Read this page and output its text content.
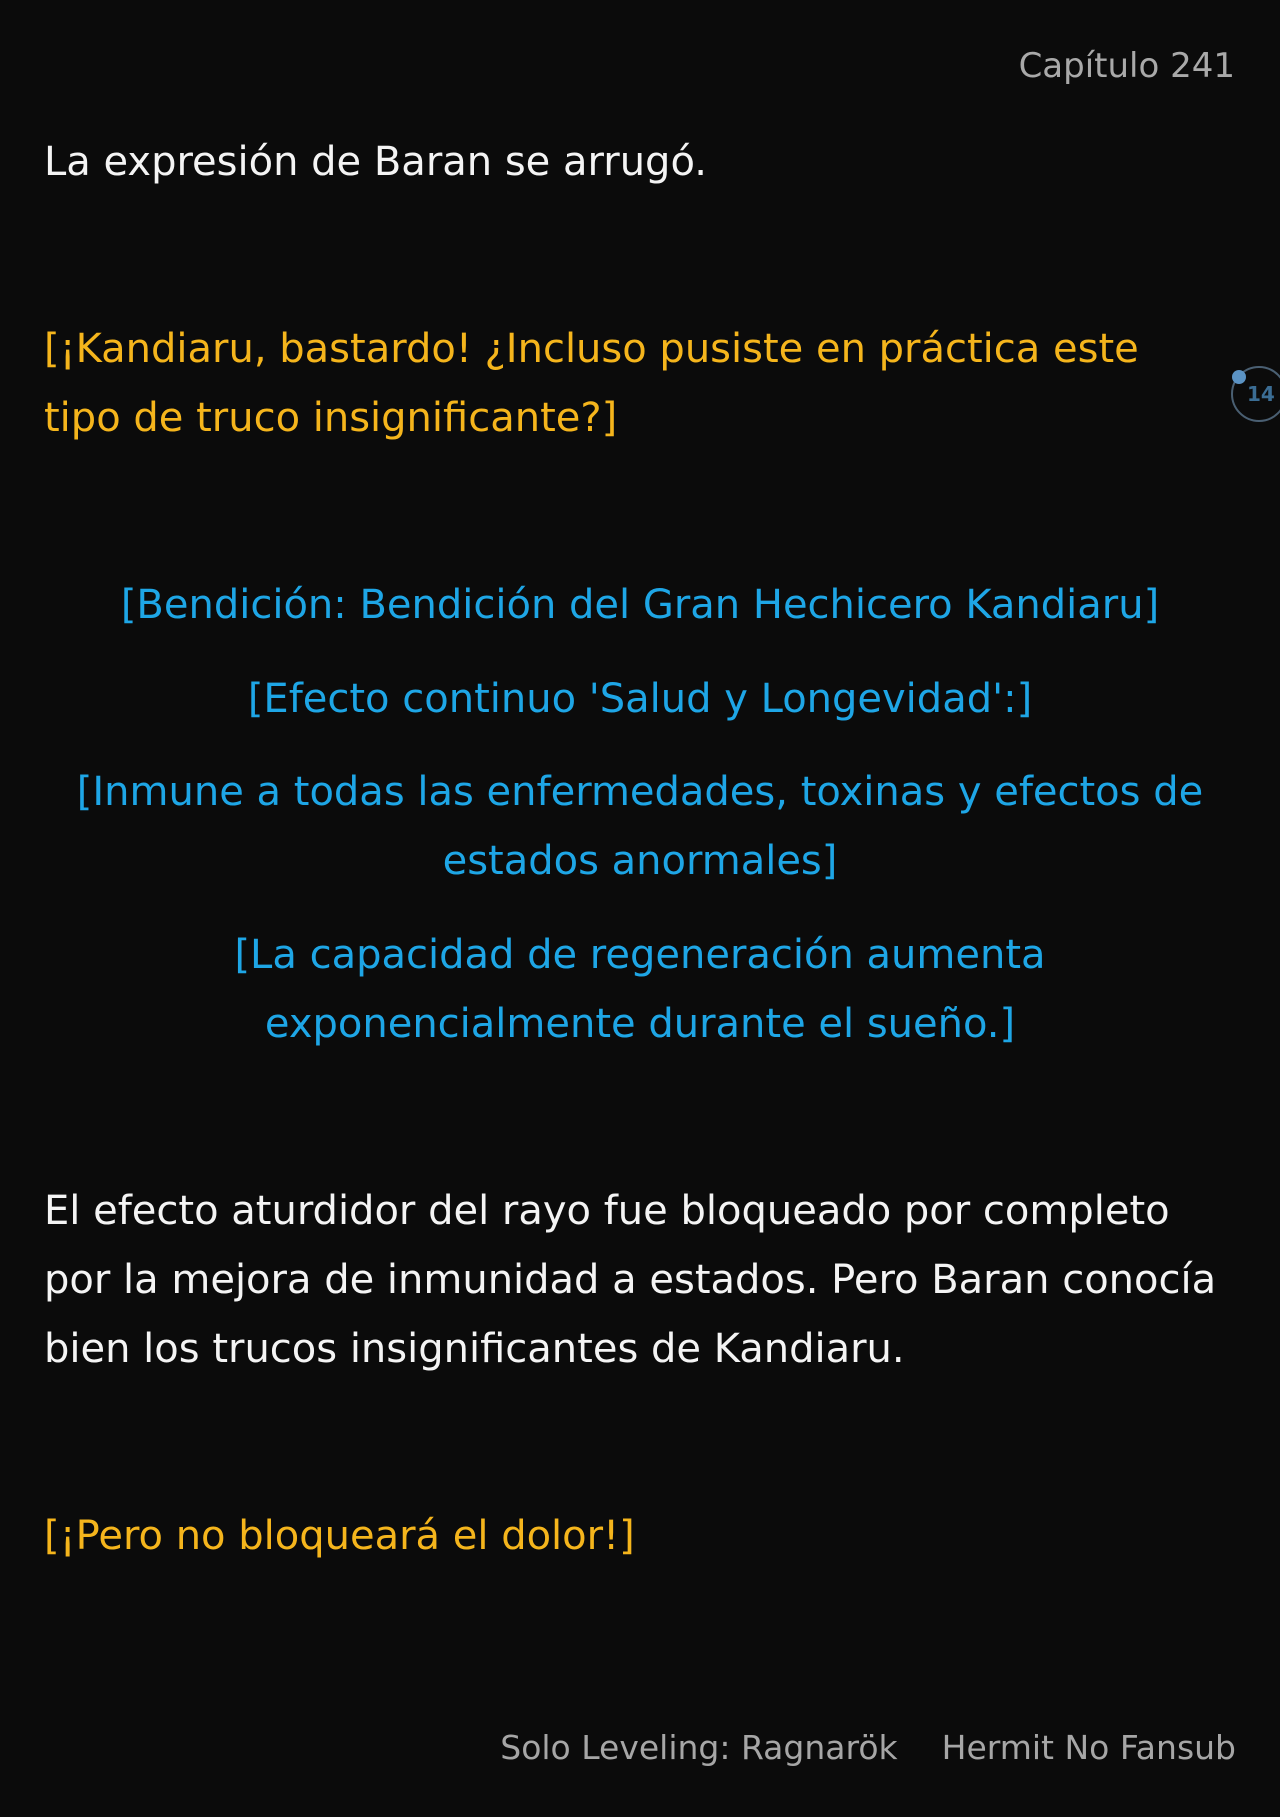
Capítulo 241

La expresión de Baran se arrugó.

[¡Kandiaru, bastardo! ¿Incluso pusiste en práctica este tipo de truco insignificante?]

[Bendición: Bendición del Gran Hechicero Kandiaru]

[Efecto continuo 'Salud y Longevidad':]

[Inmune a todas las enfermedades, toxinas y efectos de estados anormales]

[La capacidad de regeneración aumenta exponencialmente durante el sueño.]

El efecto aturdidor del rayo fue bloqueado por completo por la mejora de inmunidad a estados. Pero Baran conocía bien los trucos insignificantes de Kandiaru.

[¡Pero no bloqueará el dolor!]

14
Solo Leveling: Ragnarök Hermit No Fansub
